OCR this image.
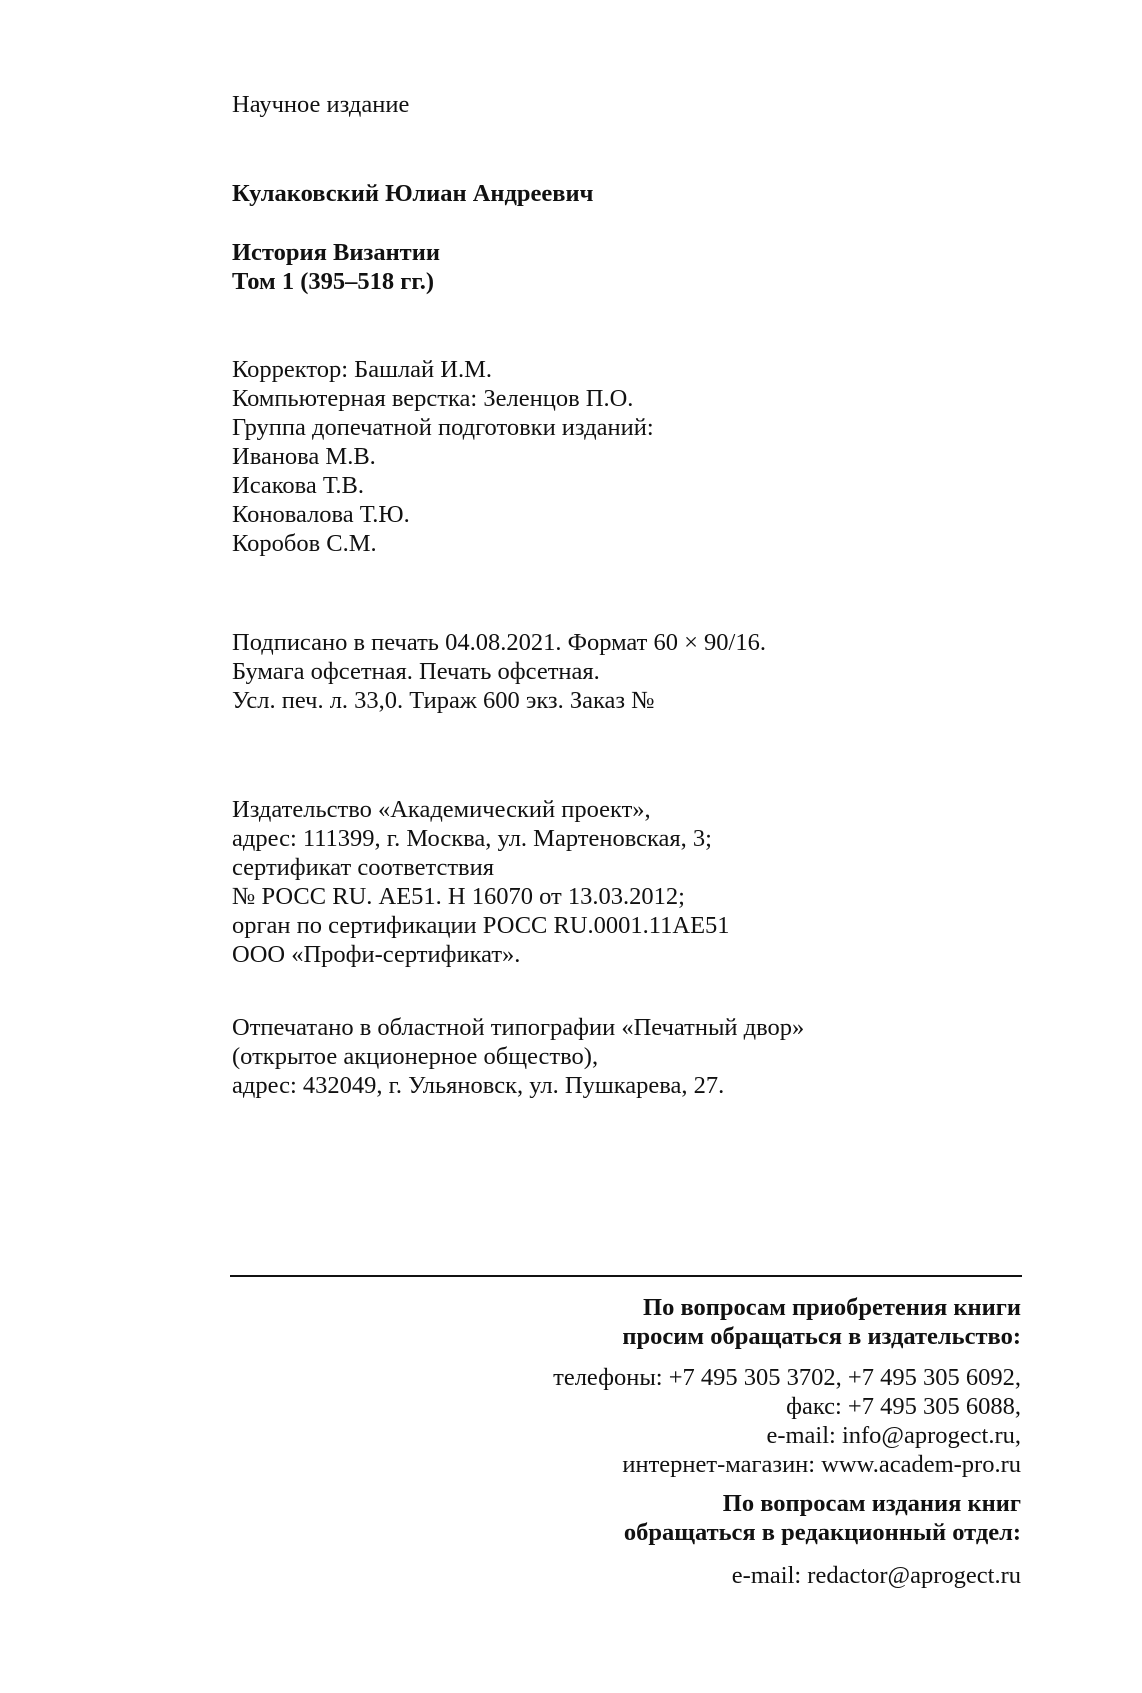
Научное издание
Кулаковский Юлиан Андреевич
История Византии
Том 1 (395–518 гг.)
Корректор: Башлай И.М.
Компьютерная верстка: Зеленцов П.О.
Группа допечатной подготовки изданий:
Иванова М.В.
Исакова Т.В.
Коновалова Т.Ю.
Коробов С.М.
Подписано в печать 04.08.2021. Формат 60 × 90/16.
Бумага офсетная. Печать офсетная.
Усл. печ. л. 33,0. Тираж 600 экз. Заказ №
Издательство «Академический проект»,
адрес: 111399, г. Москва, ул. Мартеновская, 3;
сертификат соответствия
№ РОСС RU. АЕ51. Н 16070 от 13.03.2012;
орган по сертификации РОСС RU.0001.11АЕ51
ООО «Профи-сертификат».
Отпечатано в областной типографии «Печатный двор»
(открытое акционерное общество),
адрес: 432049, г. Ульяновск, ул. Пушкарева, 27.
По вопросам приобретения книги
просим обращаться в издательство:
телефоны: +7 495 305 3702, +7 495 305 6092,
факс: +7 495 305 6088,
e-mail: info@aprogect.ru,
интернет-магазин: www.academ-pro.ru
По вопросам издания книг
обращаться в редакционный отдел:
e-mail: redactor@aprogect.ru
